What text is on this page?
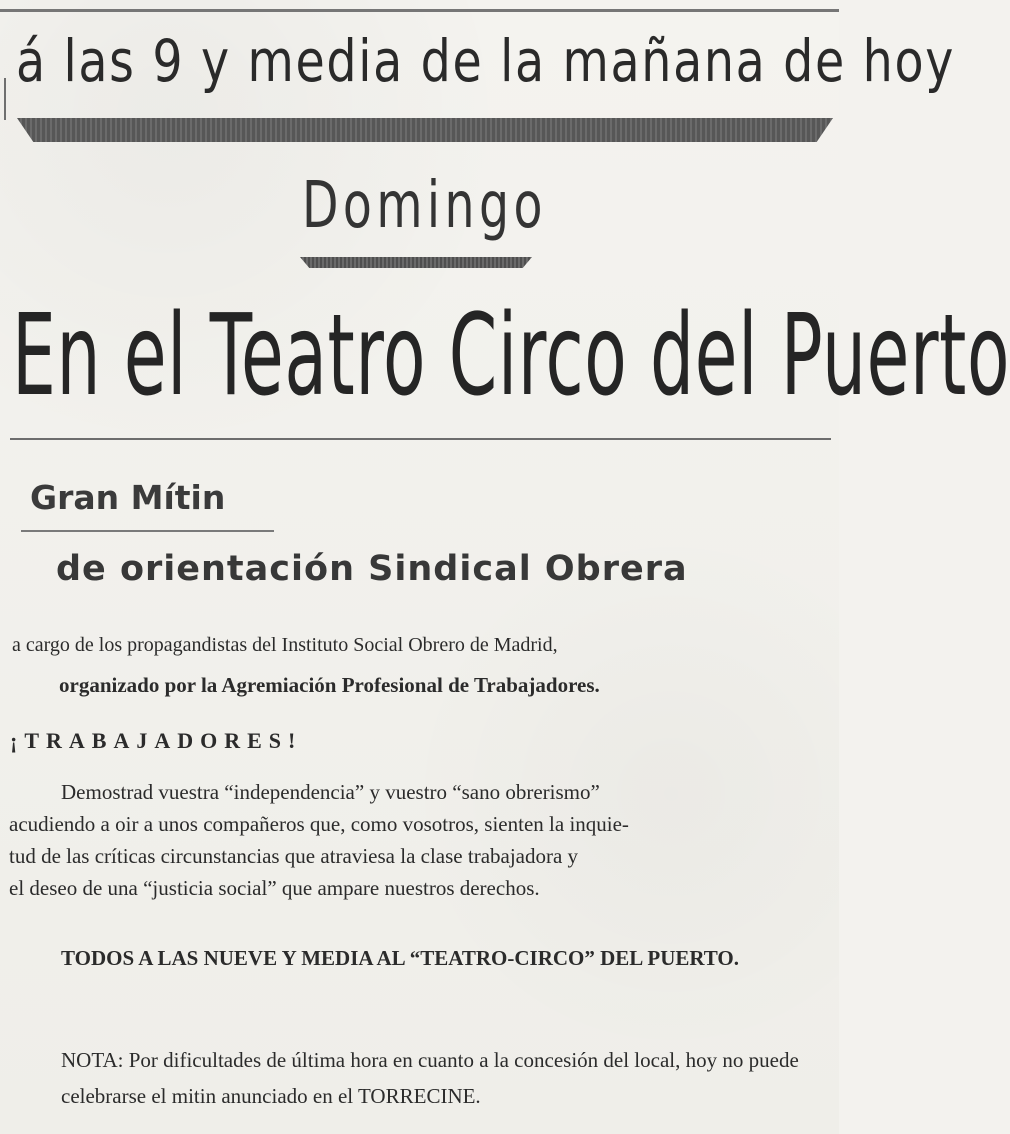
á las 9 y media de la mañana de hoy
Domingo
En el Teatro Circo del Puerto
Gran Mítin
de orientación Sindical Obrera
a cargo de los propagandistas del Instituto Social Obrero de Madrid,
organizado por la Agremiación Profesional de Trabajadores.
¡TRABAJADORES!
Demostrad vuestra “independencia” y vuestro “sano obrerismo”
acudiendo a oir a unos compañeros que, como vosotros, sienten la inquie-
tud de las críticas circunstancias que atraviesa la clase trabajadora y
el deseo de una “justicia social” que ampare nuestros derechos.
TODOS A LAS NUEVE Y MEDIA AL “TEATRO-CIRCO” DEL PUERTO.
NOTA: Por dificultades de última hora en cuanto a la concesión del local, hoy no puede celebrarse el mitin anunciado en el TORRECINE.
